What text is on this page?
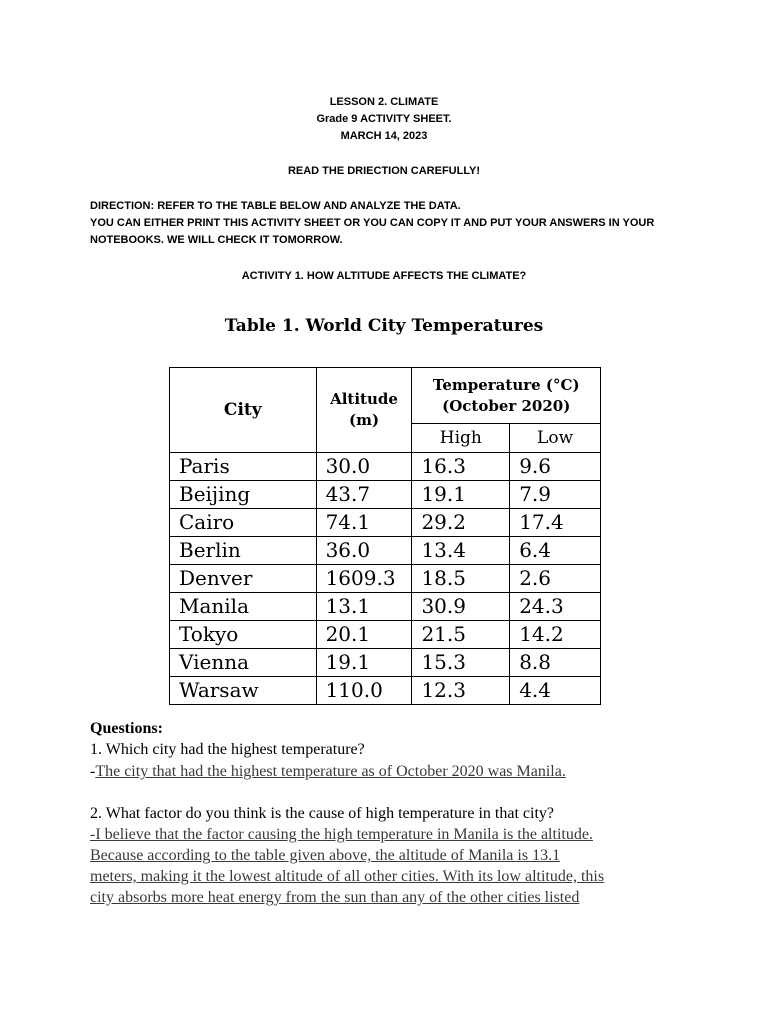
LESSON 2. CLIMATE
Grade 9 ACTIVITY SHEET.
MARCH 14, 2023
READ THE DRIECTION CAREFULLY!
DIRECTION: REFER TO THE TABLE BELOW AND ANALYZE THE DATA.
YOU CAN EITHER PRINT THIS ACTIVITY SHEET OR YOU CAN COPY IT AND PUT YOUR ANSWERS IN YOUR
NOTEBOOKS. WE WILL CHECK IT TOMORROW.
ACTIVITY 1. HOW ALTITUDE AFFECTS THE CLIMATE?
Table 1. World City Temperatures
City	Altitude (m)	Temperature (°C) (October 2020)	
		High	Low
Paris	30.0	16.3	9.6
Beijing	43.7	19.1	7.9
Cairo	74.1	29.2	17.4
Berlin	36.0	13.4	6.4
Denver	1609.3	18.5	2.6
Manila	13.1	30.9	24.3
Tokyo	20.1	21.5	14.2
Vienna	19.1	15.3	8.8
Warsaw	110.0	12.3	4.4
Questions:
1. Which city had the highest temperature?
-The city that had the highest temperature as of October 2020 was Manila.
2. What factor do you think is the cause of high temperature in that city?
-I believe that the factor causing the high temperature in Manila is the altitude.
Because according to the table given above, the altitude of Manila is 13.1
meters, making it the lowest altitude of all other cities. With its low altitude, this
city absorbs more heat energy from the sun than any of the other cities listed
